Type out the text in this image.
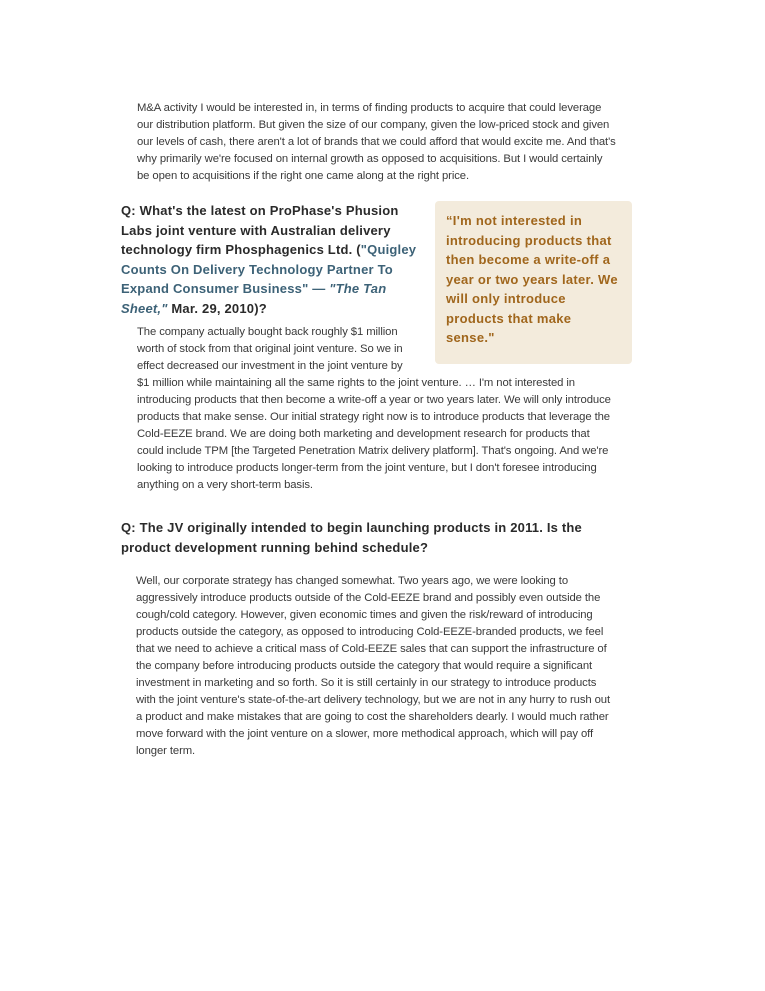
M&A activity I would be interested in, in terms of finding products to acquire that could leverage
our distribution platform. But given the size of our company, given the low-priced stock and given
our levels of cash, there aren't a lot of brands that we could afford that would excite me. And that's
why primarily we're focused on internal growth as opposed to acquisitions. But I would certainly
be open to acquisitions if the right one came along at the right price.
Q: What's the latest on ProPhase's Phusion
Labs joint venture with Australian delivery
technology firm Phosphagenics Ltd. ("Quigley
Counts On Delivery Technology Partner To
Expand Consumer Business" — "The Tan
Sheet," Mar. 29, 2010)?
“I'm not interested in
introducing products that
then become a write-off a
year or two years later. We
will only introduce
products that make
sense."
The company actually bought back roughly $1 million
worth of stock from that original joint venture. So we in
effect decreased our investment in the joint venture by
$1 million while maintaining all the same rights to the joint venture. … I'm not interested in
introducing products that then become a write-off a year or two years later. We will only introduce
products that make sense. Our initial strategy right now is to introduce products that leverage the
Cold-EEZE brand. We are doing both marketing and development research for products that
could include TPM [the Targeted Penetration Matrix delivery platform]. That's ongoing. And we're
looking to introduce products longer-term from the joint venture, but I don't foresee introducing
anything on a very short-term basis.
Q: The JV originally intended to begin launching products in 2011. Is the
product development running behind schedule?
Well, our corporate strategy has changed somewhat. Two years ago, we were looking to
aggressively introduce products outside of the Cold-EEZE brand and possibly even outside the
cough/cold category. However, given economic times and given the risk/reward of introducing
products outside the category, as opposed to introducing Cold-EEZE-branded products, we feel
that we need to achieve a critical mass of Cold-EEZE sales that can support the infrastructure of
the company before introducing products outside the category that would require a significant
investment in marketing and so forth. So it is still certainly in our strategy to introduce products
with the joint venture's state-of-the-art delivery technology, but we are not in any hurry to rush out
a product and make mistakes that are going to cost the shareholders dearly. I would much rather
move forward with the joint venture on a slower, more methodical approach, which will pay off
longer term.
